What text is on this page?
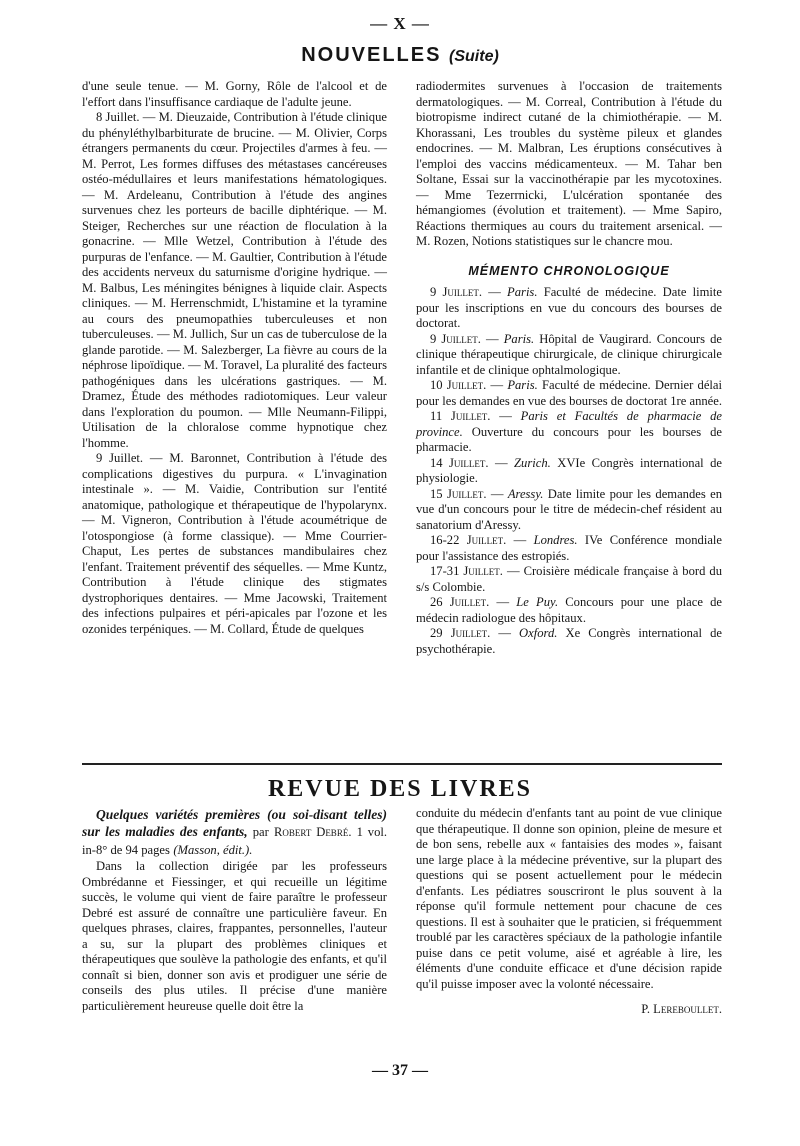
— X —
NOUVELLES (Suite)

d'une seule tenue. — M. Gorny, Rôle de l'alcool et de l'effort dans l'insuffisance cardiaque de l'adulte jeune.

8 Juillet. — M. Dieuzaide, Contribution à l'étude clinique du phényléthylbarbiturate de brucine. — M. Olivier, Corps étrangers permanents du cœur. Projectiles d'armes à feu. — M. Perrot, Les formes diffuses des métastases cancéreuses ostéo-médullaires et leurs manifestations hématologiques. — M. Ardeleanu, Contribution à l'étude des angines survenues chez les porteurs de bacille diphtérique. — M. Steiger, Recherches sur une réaction de floculation à la gonacrine. — Mlle Wetzel, Contribution à l'étude des purpuras de l'enfance. — M. Gaultier, Contribution à l'étude des accidents nerveux du saturnisme d'origine hydrique. — M. Balbus, Les méningites bénignes à liquide clair. Aspects cliniques. — M. Herrenschmidt, L'histamine et la tyramine au cours des pneumopathies tuberculeuses et non tuberculeuses. — M. Jullich, Sur un cas de tuberculose de la glande parotide. — M. Salezberger, La fièvre au cours de la néphrose lipoïdique. — M. Toravel, La pluralité des facteurs pathogéniques dans les ulcérations gastriques. — M. Dramez, Étude des méthodes radiotomiques. Leur valeur dans l'exploration du poumon. — Mlle Neumann-Filippi, Utilisation de la chloralose comme hypnotique chez l'homme.

9 Juillet. — M. Baronnet, Contribution à l'étude des complications digestives du purpura. « L'invagination intestinale ». — M. Vaidie, Contribution sur l'entité anatomique, pathologique et thérapeutique de l'hypolarynx. — M. Vigneron, Contribution à l'étude acoumétrique de l'otospongiose (à forme classique). — Mme Courrier-Chaput, Les pertes de substances mandibulaires chez l'enfant. Traitement préventif des séquelles. — Mme Kuntz, Contribution à l'étude clinique des stigmates dystrophoriques dentaires. — Mme Jacowski, Traitement des infections pulpaires et péri-apicales par l'ozone et les ozonides terpéniques. — M. Collard, Étude de quelques

radiodermites survenues à l'occasion de traitements dermatologiques. — M. Correal, Contribution à l'étude du biotropisme indirect cutané de la chimiothérapie. — M. Khorassani, Les troubles du système pileux et glandes endocrines. — M. Malbran, Les éruptions consécutives à l'emploi des vaccins médicamenteux. — M. Tahar ben Soltane, Essai sur la vaccinothérapie par les mycotoxines. — Mme Tezerrnicki, L'ulcération spontanée des hémangiomes (évolution et traitement). — Mme Sapiro, Réactions thermiques au cours du traitement arsenical. — M. Rozen, Notions statistiques sur le chancre mou.

MÉMENTO CHRONOLOGIQUE

9 Juillet. — Paris. Faculté de médecine. Date limite pour les inscriptions en vue du concours des bourses de doctorat.

9 Juillet. — Paris. Hôpital de Vaugirard. Concours de clinique thérapeutique chirurgicale, de clinique chirurgicale infantile et de clinique ophtalmologique.

10 Juillet. — Paris. Faculté de médecine. Dernier délai pour les demandes en vue des bourses de doctorat 1re année.

11 Juillet. — Paris et Facultés de pharmacie de province. Ouverture du concours pour les bourses de pharmacie.

14 Juillet. — Zurich. XVIe Congrès international de physiologie.

15 Juillet. — Aressy. Date limite pour les demandes en vue d'un concours pour le titre de médecin-chef résident au sanatorium d'Aressy.

16-22 Juillet. — Londres. IVe Conférence mondiale pour l'assistance des estropiés.

17-31 Juillet. — Croisière médicale française à bord du s/s Colombie.

26 Juillet. — Le Puy. Concours pour une place de médecin radiologue des hôpitaux.

29 Juillet. — Oxford. Xe Congrès international de psychothérapie.

REVUE DES LIVRES

Quelques variétés premières (ou soi-disant telles) sur les maladies des enfants, par Robert Debré. 1 vol. in-8° de 94 pages (Masson, édit.).

Dans la collection dirigée par les professeurs Ombrédanne et Fiessinger, et qui recueille un légitime succès, le volume qui vient de faire paraître le professeur Debré est assuré de connaître une particulière faveur. En quelques phrases, claires, frappantes, personnelles, l'auteur a su, sur la plupart des problèmes cliniques et thérapeutiques que soulève la pathologie des enfants, et qu'il connaît si bien, donner son avis et prodiguer une série de conseils des plus utiles. Il précise d'une manière particulièrement heureuse quelle doit être la

conduite du médecin d'enfants tant au point de vue clinique que thérapeutique. Il donne son opinion, pleine de mesure et de bon sens, rebelle aux « fantaisies des modes », faisant une large place à la médecine préventive, sur la plupart des questions qui se posent actuellement pour le médecin d'enfants. Les pédiatres souscriront le plus souvent à la réponse qu'il formule nettement pour chacune de ces questions. Il est à souhaiter que le praticien, si fréquemment troublé par les caractères spéciaux de la pathologie infantile puise dans ce petit volume, aisé et agréable à lire, les éléments d'une conduite efficace et d'une décision rapide qu'il puisse imposer avec la volonté nécessaire.

P. Lereboullet.
— 37 —
